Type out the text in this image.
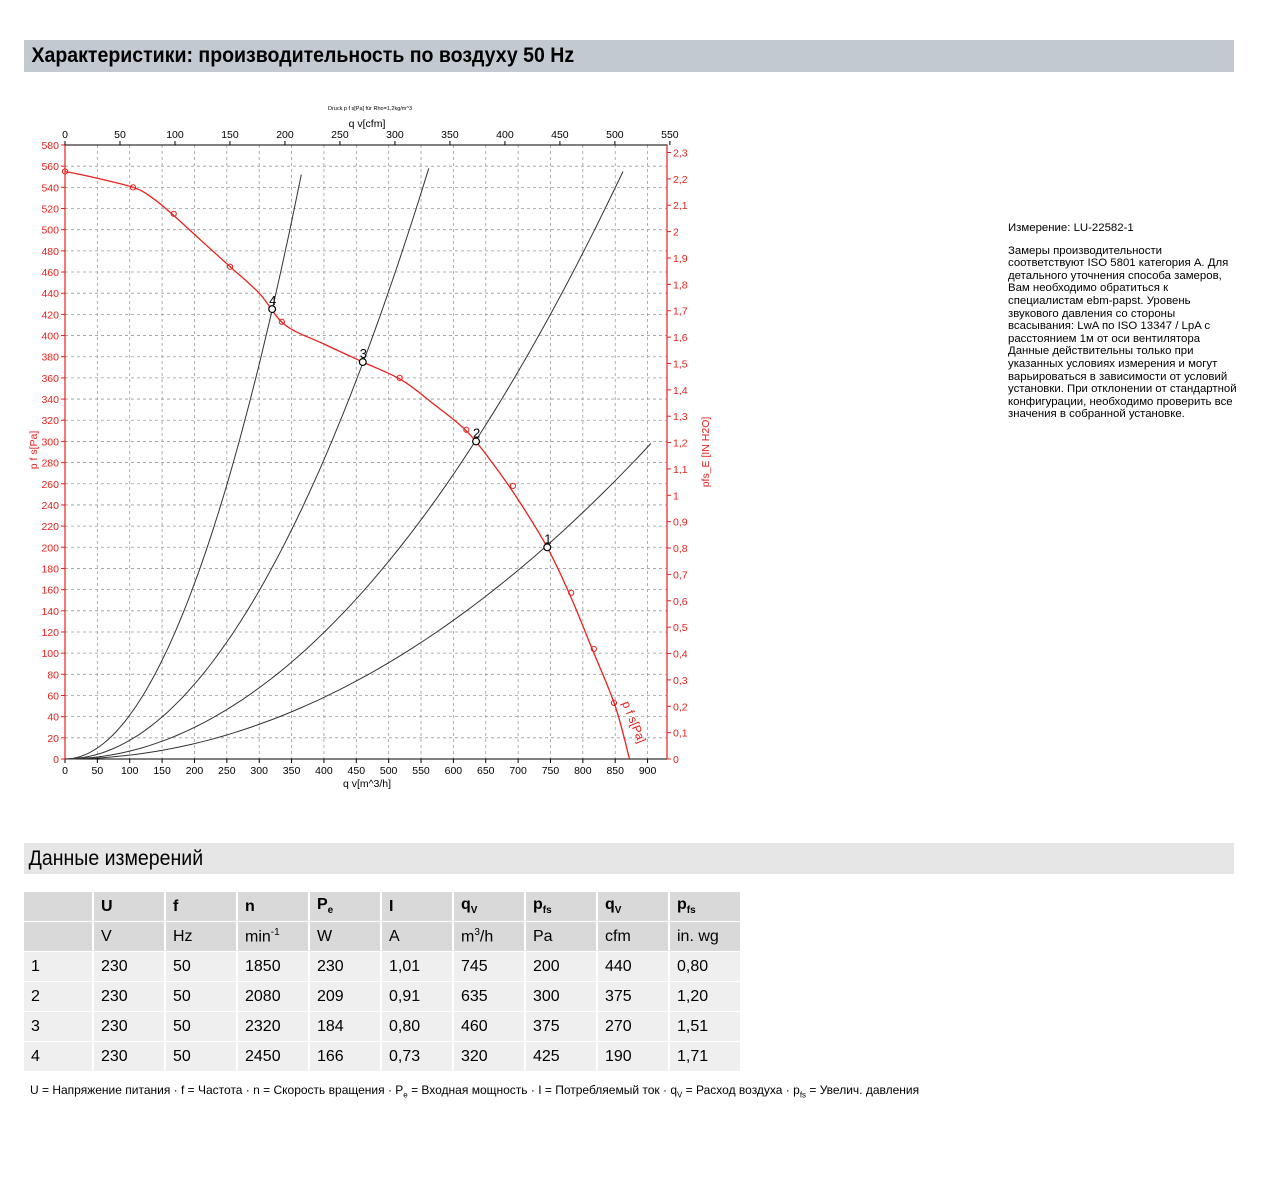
Характеристики: производительность по воздуху 50 Hz
0 50 100 150 200 250 300 350 400 450 500 550 600 650 700 750 800 850 900
0
20
40
60
80
100
120
140
160
180
200
220
240
260
280
300
320
340
360
380
400
420
440
460
480
500
520
540
560
580
0	50	100	150	200	250	300	350	400	450	500	550
0
0,1
0,2
0,3
0,4
0,5
0,6
0,7
0,8
0,9
1
1,1
1,2
1,3
1,4
1,5
1,6
1,7
1,8
1,9
2
2,1
2,2
2,3
Druck p f s[Pa] für Rho=1,2kg/m^3
q v[cfm]
q v[m^3/h]
p f s[Pa]	pfs_E [IN H2O]
p f s[Pa]
1
2
3
4

Измерение: LU-22582-1

Замеры производительности соответствуют ISO 5801 категория A. Для детального уточнения способа замеров, Вам необходимо обратиться к специалистам ebm-papst. Уровень звукового давления со стороны всасывания: LwA по ISO 13347 / LpA с расстоянием 1м от оси вентилятора Данные действительны только при указанных условиях измерения и могут варьироваться в зависимости от условий установки. При отклонении от стандартной конфигурации, необходимо проверить все значения в собранной установке.

Данные измерений
	U	f	n	$P_e$	I	$q_V$	$p_{fs}$	$q_V$	$p_{fs}$
	V	Hz	$\min^{-1}$	W	A	$m^3/h$	Pa	cfm	in. wg
1	230	50	1850	230	1,01	745	200	440	0,80
2	230	50	2080	209	0,91	635	300	375	1,20
3	230	50	2320	184	0,80	460	375	270	1,51
4	230	50	2450	166	0,73	320	425	190	1,71
U = Напряжение питания · f = Частота · n = Скорость вращения · $P_e$ = Входная мощность · I = Потребляемый ток · $q_V$ = Расход воздуха · $p_{fs}$ = Увелич. давления
